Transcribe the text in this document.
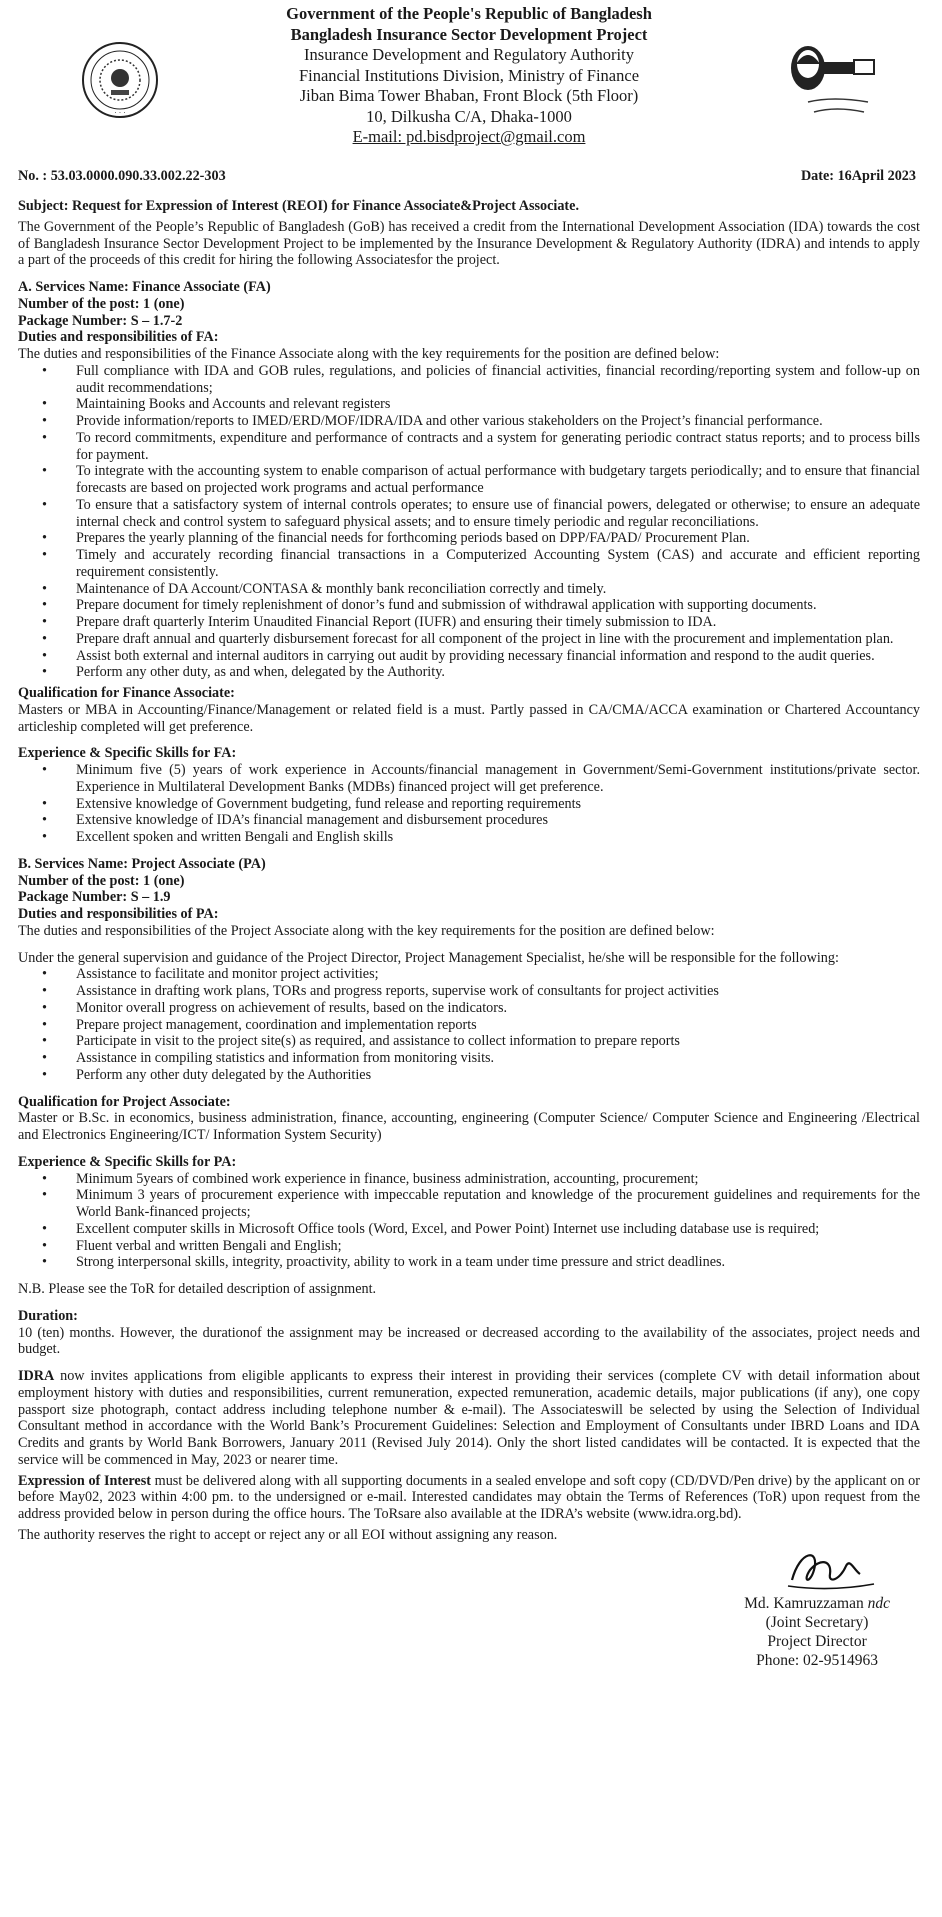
· · ·
Government of the People's Republic of Bangladesh
Bangladesh Insurance Sector Development Project
Insurance Development and Regulatory Authority
Financial Institutions Division, Ministry of Finance
Jiban Bima Tower Bhaban, Front Block (5th Floor)
10, Dilkusha C/A, Dhaka-1000
E-mail: pd.bisdproject@gmail.com
No. : 53.03.0000.090.33.002.22-303	Date: 16April 2023

Subject: Request for Expression of Interest (REOI) for Finance Associate&Project Associate.

The Government of the People’s Republic of Bangladesh (GoB) has received a credit from the International Development Association (IDA) towards the cost of Bangladesh Insurance Sector Development Project to be implemented by the Insurance Development & Regulatory Authority (IDRA) and intends to apply a part of the proceeds of this credit for hiring the following Associatesfor the project.

A. Services Name: Finance Associate (FA)

Number of the post: 1 (one)

Package Number: S – 1.7-2

Duties and responsibilities of FA:

The duties and responsibilities of the Finance Associate along with the key requirements for the position are defined below:

• Full compliance with IDA and GOB rules, regulations, and policies of financial activities, financial recording/reporting system and follow-up on audit recommendations;
• Maintaining Books and Accounts and relevant registers
• Provide information/reports to IMED/ERD/MOF/IDRA/IDA and other various stakeholders on the Project’s financial performance.
• To record commitments, expenditure and performance of contracts and a system for generating periodic contract status reports; and to process bills for payment.
• To integrate with the accounting system to enable comparison of actual performance with budgetary targets periodically; and to ensure that financial forecasts are based on projected work programs and actual performance
• To ensure that a satisfactory system of internal controls operates; to ensure use of financial powers, delegated or otherwise; to ensure an adequate internal check and control system to safeguard physical assets; and to ensure timely periodic and regular reconciliations.
• Prepares the yearly planning of the financial needs for forthcoming periods based on DPP/FA/PAD/ Procurement Plan.
• Timely and accurately recording financial transactions in a Computerized Accounting System (CAS) and accurate and efficient reporting requirement consistently.
• Maintenance of DA Account/CONTASA & monthly bank reconciliation correctly and timely.
• Prepare document for timely replenishment of donor’s fund and submission of withdrawal application with supporting documents.
• Prepare draft quarterly Interim Unaudited Financial Report (IUFR) and ensuring their timely submission to IDA.
• Prepare draft annual and quarterly disbursement forecast for all component of the project in line with the procurement and implementation plan.
• Assist both external and internal auditors in carrying out audit by providing necessary financial information and respond to the audit queries.
• Perform any other duty, as and when, delegated by the Authority.

Qualification for Finance Associate:

Masters or MBA in Accounting/Finance/Management or related field is a must. Partly passed in CA/CMA/ACCA examination or Chartered Accountancy articleship completed will get preference.

Experience & Specific Skills for FA:

• Minimum five (5) years of work experience in Accounts/financial management in Government/Semi-Government institutions/private sector. Experience in Multilateral Development Banks (MDBs) financed project will get preference.
• Extensive knowledge of Government budgeting, fund release and reporting requirements
• Extensive knowledge of IDA’s financial management and disbursement procedures
• Excellent spoken and written Bengali and English skills

B. Services Name: Project Associate (PA)

Number of the post: 1 (one)

Package Number: S – 1.9

Duties and responsibilities of PA:

The duties and responsibilities of the Project Associate along with the key requirements for the position are defined below:

Under the general supervision and guidance of the Project Director, Project Management Specialist, he/she will be responsible for the following:

• Assistance to facilitate and monitor project activities;
• Assistance in drafting work plans, TORs and progress reports, supervise work of consultants for project activities
• Monitor overall progress on achievement of results, based on the indicators.
• Prepare project management, coordination and implementation reports
• Participate in visit to the project site(s) as required, and assistance to collect information to prepare reports
• Assistance in compiling statistics and information from monitoring visits.
• Perform any other duty delegated by the Authorities

Qualification for Project Associate:

Master or B.Sc. in economics, business administration, finance, accounting, engineering (Computer Science/ Computer Science and Engineering /Electrical and Electronics Engineering/ICT/ Information System Security)

Experience & Specific Skills for PA:

• Minimum 5years of combined work experience in finance, business administration, accounting, procurement;
• Minimum 3 years of procurement experience with impeccable reputation and knowledge of the procurement guidelines and requirements for the World Bank-financed projects;
• Excellent computer skills in Microsoft Office tools (Word, Excel, and Power Point) Internet use including database use is required;
• Fluent verbal and written Bengali and English;
• Strong interpersonal skills, integrity, proactivity, ability to work in a team under time pressure and strict deadlines.

N.B. Please see the ToR for detailed description of assignment.

Duration:

10 (ten) months. However, the durationof the assignment may be increased or decreased according to the availability of the associates, project needs and budget.

IDRA now invites applications from eligible applicants to express their interest in providing their services (complete CV with detail information about employment history with duties and responsibilities, current remuneration, expected remuneration, academic details, major publications (if any), one copy passport size photograph, contact address including telephone number & e-mail). The Associateswill be selected by using the Selection of Individual Consultant method in accordance with the World Bank’s Procurement Guidelines: Selection and Employment of Consultants under IBRD Loans and IDA Credits and grants by World Bank Borrowers, January 2011 (Revised July 2014). Only the short listed candidates will be contacted. It is expected that the service will be commenced in May, 2023 or nearer time.

Expression of Interest must be delivered along with all supporting documents in a sealed envelope and soft copy (CD/DVD/Pen drive) by the applicant on or before May02, 2023 within 4:00 pm. to the undersigned or e-mail. Interested candidates may obtain the Terms of References (ToR) upon request from the address provided below in person during the office hours. The ToRsare also available at the IDRA’s website (www.idra.org.bd).

The authority reserves the right to accept or reject any or all EOI without assigning any reason.

Md. Kamruzzaman ndc
(Joint Secretary)
Project Director
Phone: 02-9514963
